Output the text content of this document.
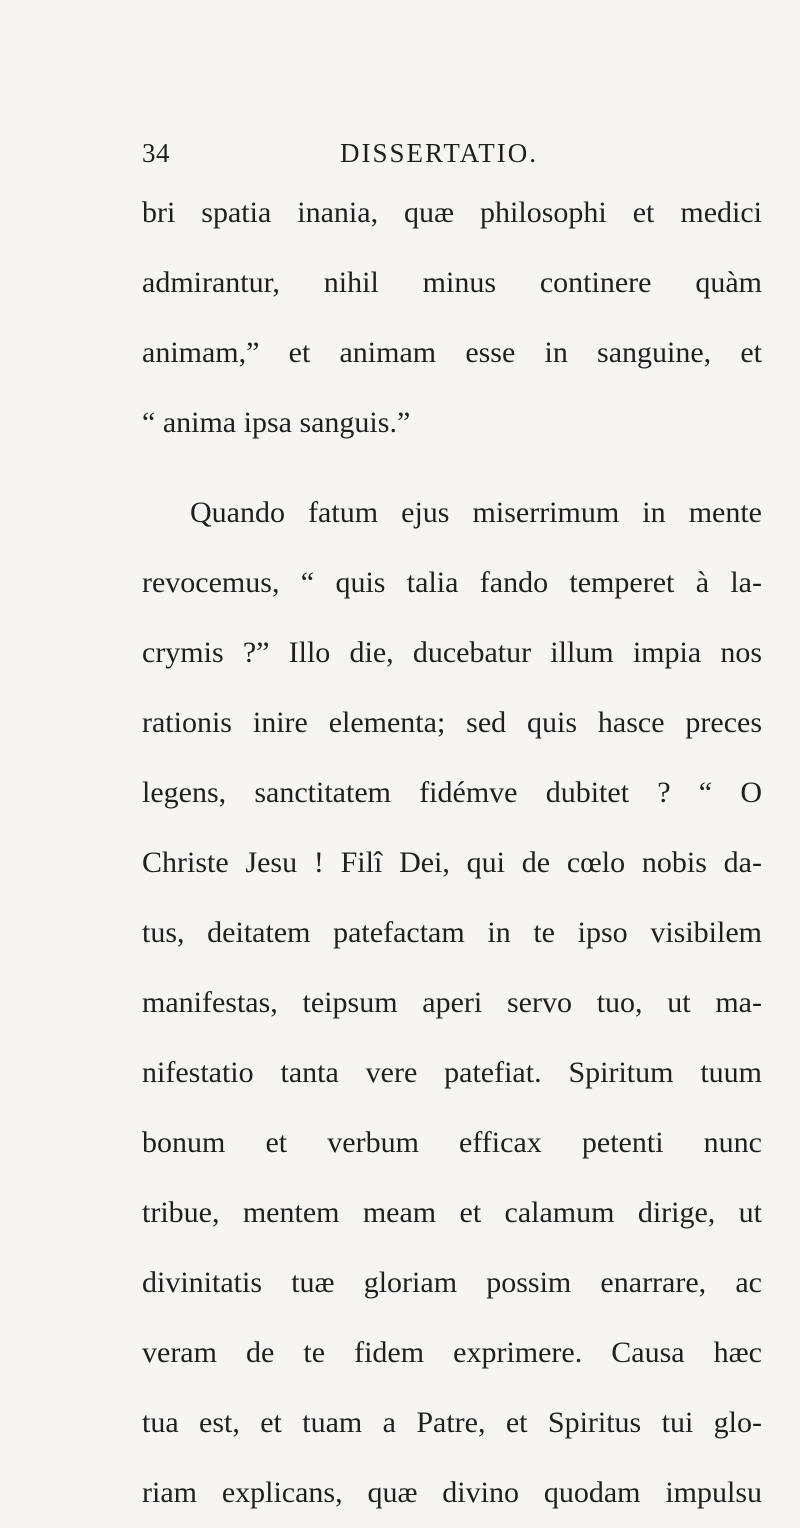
34	DISSERTATIO.
bri spatia inania, quæ philosophi et medici
admirantur, nihil minus continere quàm
animam,” et animam esse in sanguine, et
“ anima ipsa sanguis.”
Quando fatum ejus miserrimum in mente
revocemus, “ quis talia fando temperet à la-
crymis ?” Illo die, ducebatur illum impia nos
rationis inire elementa; sed quis hasce preces
legens, sanctitatem fidémve dubitet ? “ O
Christe Jesu ! Filî Dei, qui de cœlo nobis da-
tus, deitatem patefactam in te ipso visibilem
manifestas, teipsum aperi servo tuo, ut ma-
nifestatio tanta vere patefiat. Spiritum tuum
bonum et verbum efficax petenti nunc
tribue, mentem meam et calamum dirige, ut
divinitatis tuæ gloriam possim enarrare, ac
veram de te fidem exprimere. Causa hæc
tua est, et tuam a Patre, et Spiritus tui glo-
riam explicans, quæ divino quodam impulsu
